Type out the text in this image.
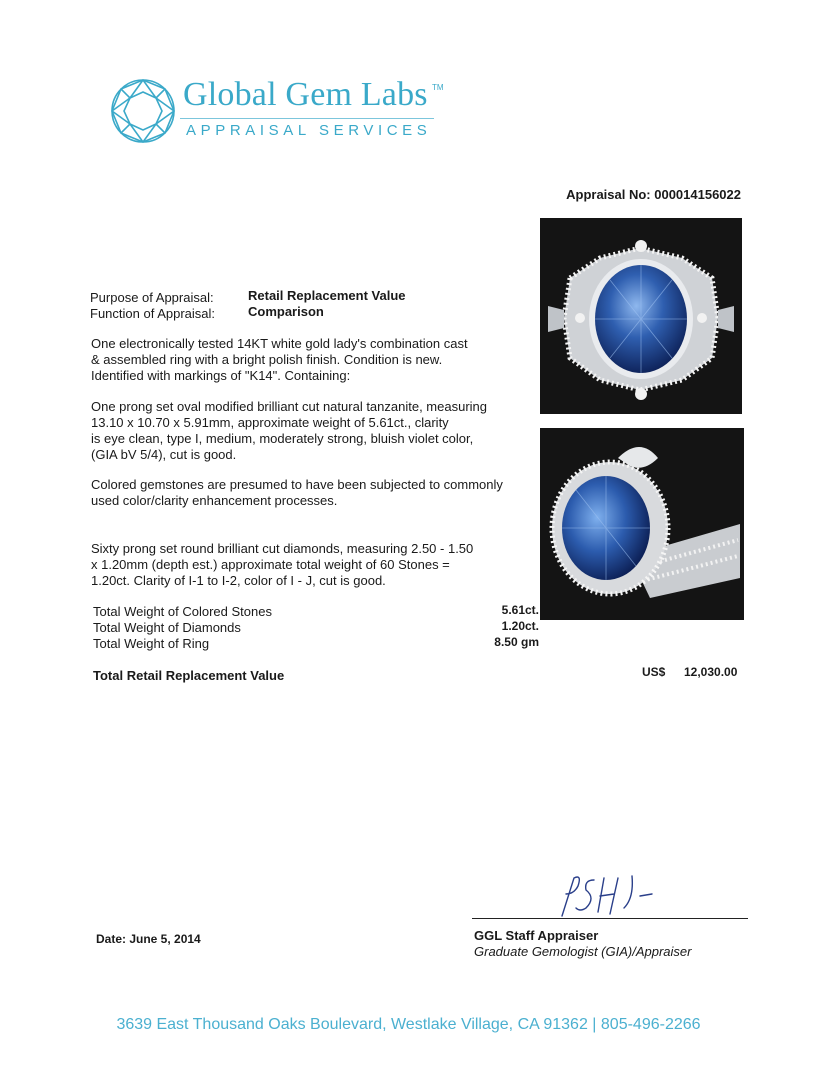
Global Gem Labs TM
APPRAISAL SERVICES
Appraisal No: 000014156022
Purpose of Appraisal:	Retail Replacement Value
Function of Appraisal:	Comparison
One electronically tested 14KT white gold lady's combination cast
& assembled ring with a bright polish finish. Condition is new.
Identified with markings of "K14". Containing:
One prong set oval modified brilliant cut natural tanzanite, measuring
13.10 x 10.70 x 5.91mm, approximate weight of 5.61ct., clarity
is eye clean, type I, medium, moderately strong, bluish violet color,
(GIA bV 5/4), cut is good.
Colored gemstones are presumed to have been subjected to commonly
used color/clarity enhancement processes.
Sixty prong set round brilliant cut diamonds, measuring 2.50 - 1.50
x 1.20mm (depth est.) approximate total weight of 60 Stones =
1.20ct. Clarity of I-1 to I-2, color of I - J, cut is good.
Total Weight of Colored Stones	5.61ct.
Total Weight of Diamonds	1.20ct.
Total Weight of Ring	8.50 gm
Total Retail Replacement Value	US$ 12,030.00
GGL Staff Appraiser
Graduate Gemologist (GIA)/Appraiser
Date: June 5, 2014
3639 East Thousand Oaks Boulevard, Westlake Village, CA 91362 | 805-496-2266
